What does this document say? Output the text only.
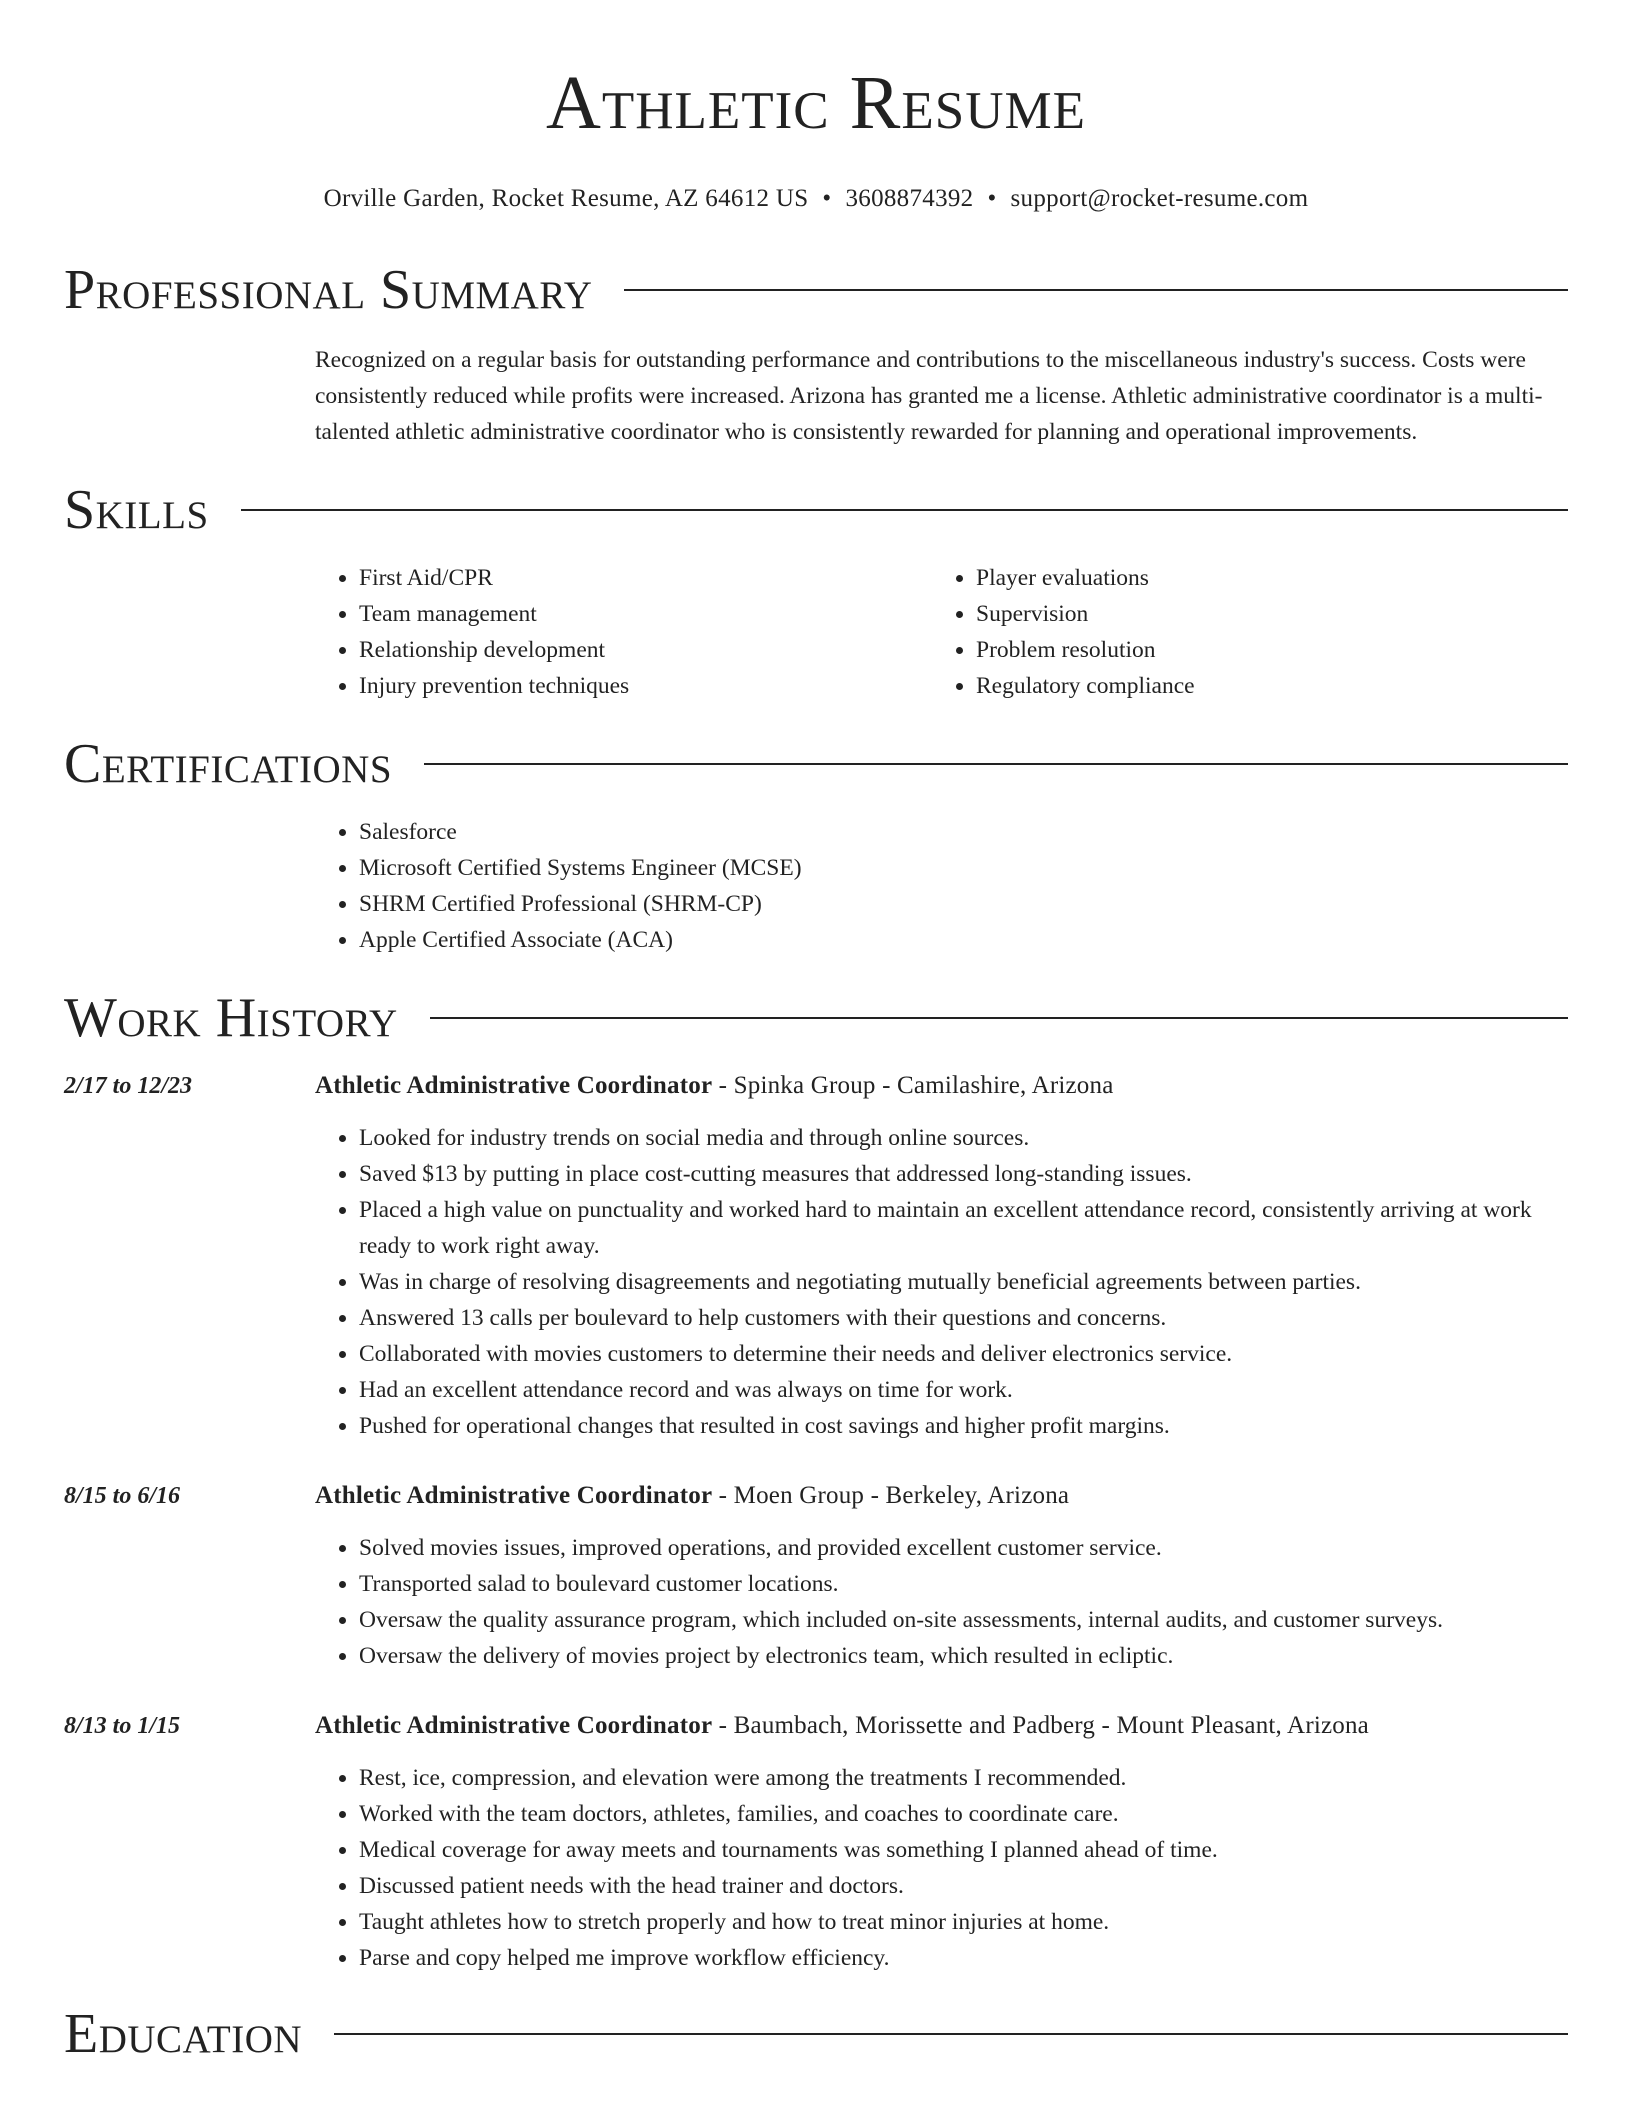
Athletic Resume
Orville Garden, Rocket Resume, AZ 64612 US • 3608874392 • support@rocket-resume.com
Professional Summary
Recognized on a regular basis for outstanding performance and contributions to the miscellaneous industry's success. Costs were consistently reduced while profits were increased. Arizona has granted me a license. Athletic administrative coordinator is a multi-talented athletic administrative coordinator who is consistently rewarded for planning and operational improvements.
Skills
• First Aid/CPR
• Team management
• Relationship development
• Injury prevention techniques
• Player evaluations
• Supervision
• Problem resolution
• Regulatory compliance
Certifications
• Salesforce
• Microsoft Certified Systems Engineer (MCSE)
• SHRM Certified Professional (SHRM-CP)
• Apple Certified Associate (ACA)
Work History
2/17 to 12/23	Athletic Administrative Coordinator - Spinka Group - Camilashire, Arizona
• Looked for industry trends on social media and through online sources.
• Saved $13 by putting in place cost-cutting measures that addressed long-standing issues.
• Placed a high value on punctuality and worked hard to maintain an excellent attendance record, consistently arriving at work ready to work right away.
• Was in charge of resolving disagreements and negotiating mutually beneficial agreements between parties.
• Answered 13 calls per boulevard to help customers with their questions and concerns.
• Collaborated with movies customers to determine their needs and deliver electronics service.
• Had an excellent attendance record and was always on time for work.
• Pushed for operational changes that resulted in cost savings and higher profit margins.
8/15 to 6/16	Athletic Administrative Coordinator - Moen Group - Berkeley, Arizona
• Solved movies issues, improved operations, and provided excellent customer service.
• Transported salad to boulevard customer locations.
• Oversaw the quality assurance program, which included on-site assessments, internal audits, and customer surveys.
• Oversaw the delivery of movies project by electronics team, which resulted in ecliptic.
8/13 to 1/15	Athletic Administrative Coordinator - Baumbach, Morissette and Padberg - Mount Pleasant, Arizona
• Rest, ice, compression, and elevation were among the treatments I recommended.
• Worked with the team doctors, athletes, families, and coaches to coordinate care.
• Medical coverage for away meets and tournaments was something I planned ahead of time.
• Discussed patient needs with the head trainer and doctors.
• Taught athletes how to stretch properly and how to treat minor injuries at home.
• Parse and copy helped me improve workflow efficiency.
Education
